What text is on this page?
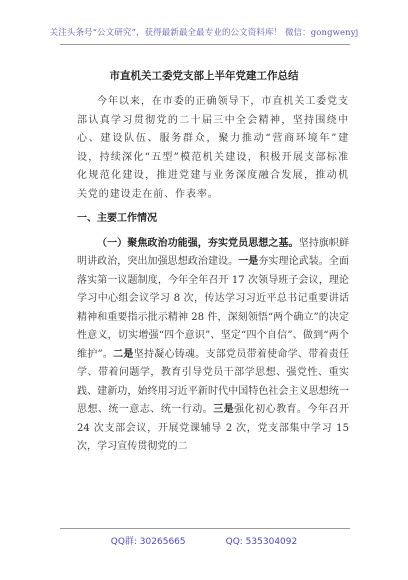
关注头条号“公文研究”，获得最新最全最专业的公文资料库！ 微信：gongwenyj
市直机关工委党支部上半年党建工作总结

今年以来，在市委的正确领导下，市直机关工委党支部认真学习贯彻党的二十届三中全会精神，坚持围绕中心、建设队伍、服务群众，聚力推动“营商环境年”建设，持续深化“五型”模范机关建设，积极开展支部标准化规范化建设，推进党建与业务深度融合发展，推动机关党的建设走在前、作表率。

一、主要工作情况

（一）聚焦政治功能强，夯实党员思想之基。坚持旗帜鲜明讲政治，突出加强思想政治建设。一是夯实理论武装。全面落实第一议题制度，今年全年召开 17 次领导班子会议，理论学习中心组会议学习 8 次，传达学习习近平总书记重要讲话精神和重要指示批示精神 28 件，深刻领悟“两个确立”的决定性意义，切实增强“四个意识”、坚定“四个自信”、做到“两个维护”。二是坚持凝心铸魂。支部党员带着使命学、带着责任学、带着问题学，教育引导党员干部学思想、强党性、重实践、建新功，始终用习近平新时代中国特色社会主义思想统一思想、统一意志、统一行动。三是强化初心教育。今年召开 24 次支部会议，开展党课辅导 2 次，党支部集中学习 15 次，学习宣传贯彻党的二

QQ群: 30265665	QQ: 535304092
